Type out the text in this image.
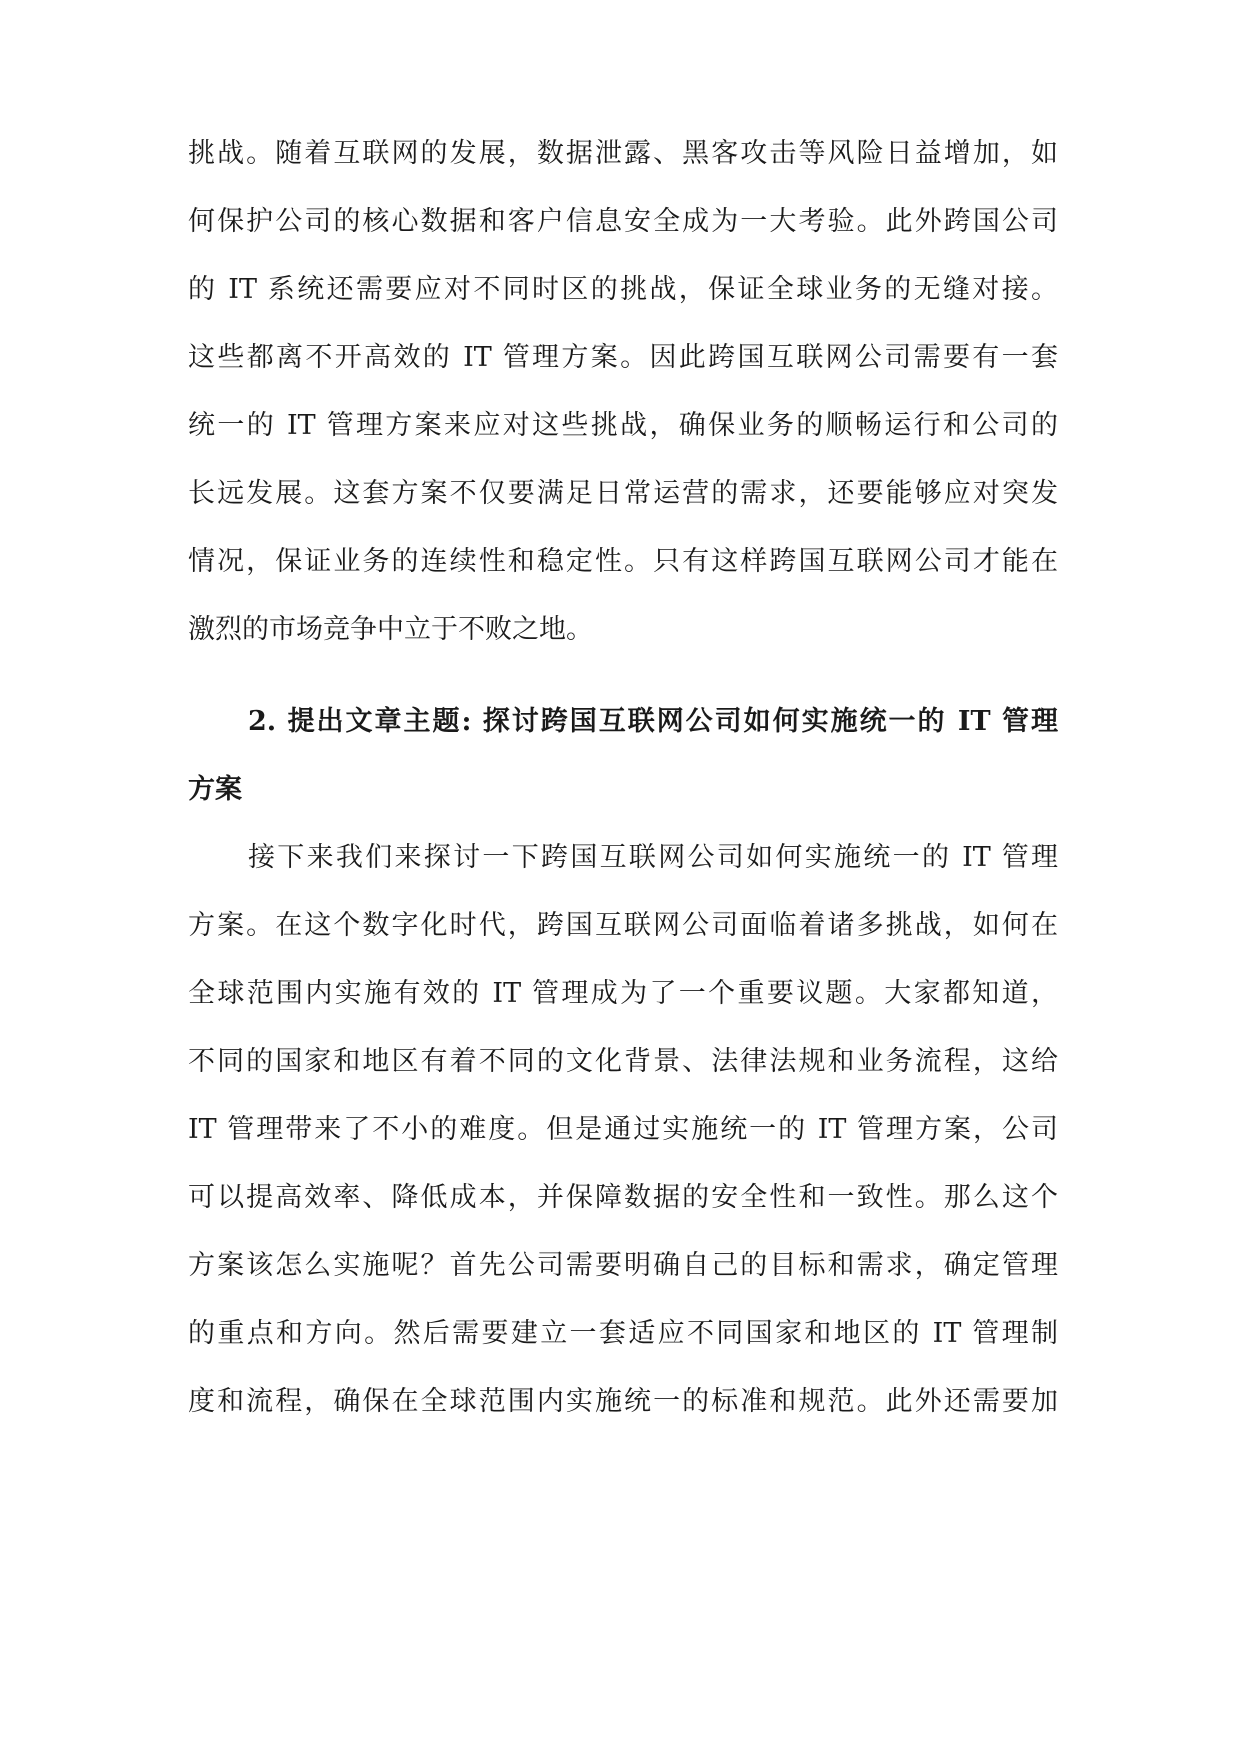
挑战。随着互联网的发展，数据泄露、黑客攻击等风险日益增加，如
何保护公司的核心数据和客户信息安全成为一大考验。此外跨国公司
的 IT 系统还需要应对不同时区的挑战，保证全球业务的无缝对接。
这些都离不开高效的 IT 管理方案。因此跨国互联网公司需要有一套
统一的 IT 管理方案来应对这些挑战，确保业务的顺畅运行和公司的
长远发展。这套方案不仅要满足日常运营的需求，还要能够应对突发
情况，保证业务的连续性和稳定性。只有这样跨国互联网公司才能在
激烈的市场竞争中立于不败之地。
2. 提出文章主题: 探讨跨国互联网公司如何实施统一的 IT 管理
方案
接下来我们来探讨一下跨国互联网公司如何实施统一的 IT 管理
方案。在这个数字化时代，跨国互联网公司面临着诸多挑战，如何在
全球范围内实施有效的 IT 管理成为了一个重要议题。大家都知道，
不同的国家和地区有着不同的文化背景、法律法规和业务流程，这给
IT 管理带来了不小的难度。但是通过实施统一的 IT 管理方案，公司
可以提高效率、降低成本，并保障数据的安全性和一致性。那么这个
方案该怎么实施呢？首先公司需要明确自己的目标和需求，确定管理
的重点和方向。然后需要建立一套适应不同国家和地区的 IT 管理制
度和流程，确保在全球范围内实施统一的标准和规范。此外还需要加
